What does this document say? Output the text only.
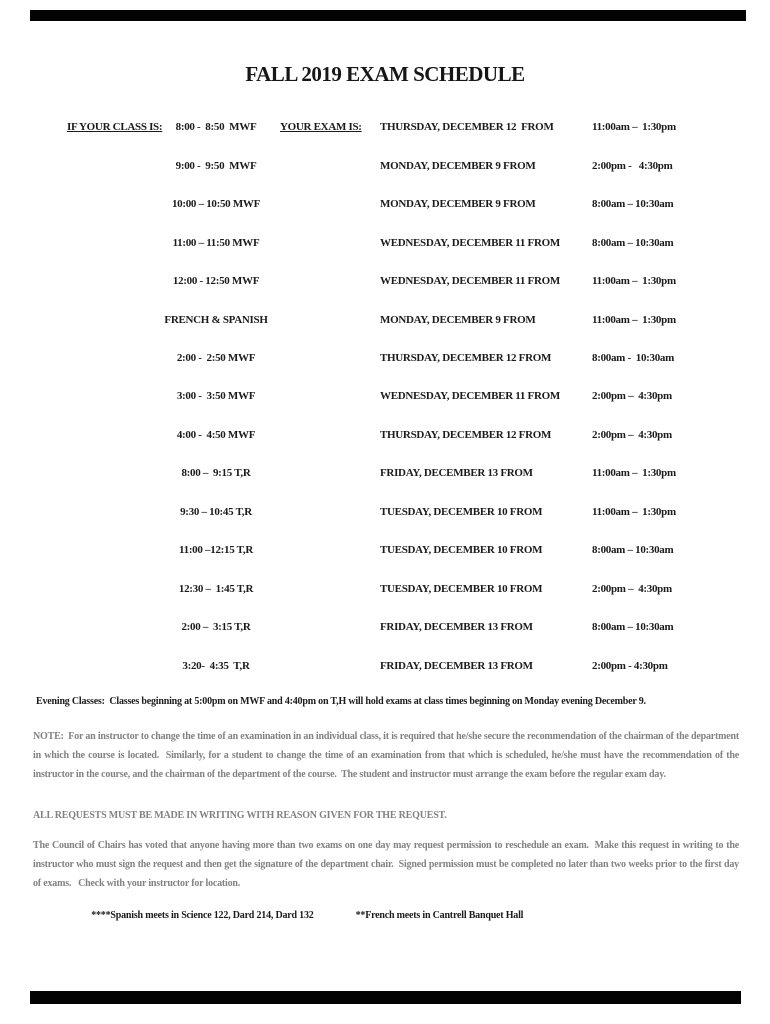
FALL 2019 EXAM SCHEDULE
IF YOUR CLASS IS:	8:00 -  8:50  MWF	YOUR EXAM IS: THURSDAY, DECEMBER 12  FROM	11:00am –  1:30pm
9:00 -  9:50  MWF	MONDAY, DECEMBER 9 FROM	2:00pm -   4:30pm
10:00 – 10:50 MWF	MONDAY, DECEMBER 9 FROM	8:00am – 10:30am
11:00 – 11:50 MWF	WEDNESDAY, DECEMBER 11 FROM	8:00am – 10:30am
12:00 - 12:50 MWF	WEDNESDAY, DECEMBER 11 FROM	11:00am –  1:30pm
FRENCH & SPANISH	MONDAY, DECEMBER 9 FROM	11:00am –  1:30pm
2:00 -  2:50 MWF	THURSDAY, DECEMBER 12 FROM	8:00am -  10:30am
3:00 -  3:50 MWF	WEDNESDAY, DECEMBER 11 FROM	2:00pm –  4:30pm
4:00 -  4:50 MWF	THURSDAY, DECEMBER 12 FROM	2:00pm –  4:30pm
8:00 –  9:15 T,R	FRIDAY, DECEMBER 13 FROM	11:00am –  1:30pm
9:30 – 10:45 T,R	TUESDAY, DECEMBER 10 FROM	11:00am –  1:30pm
11:00 –12:15 T,R	TUESDAY, DECEMBER 10 FROM	8:00am – 10:30am
12:30 –  1:45 T,R	TUESDAY, DECEMBER 10 FROM	2:00pm –  4:30pm
2:00 –  3:15 T,R	FRIDAY, DECEMBER 13 FROM	8:00am – 10:30am
3:20-  4:35  T,R	FRIDAY, DECEMBER 13 FROM	2:00pm - 4:30pm
Evening Classes:  Classes beginning at 5:00pm on MWF and 4:40pm on T,H will hold exams at class times beginning on Monday evening December 9.
NOTE:  For an instructor to change the time of an examination in an individual class, it is required that he/she secure the recommendation of the chairman of the department in which the course is located.  Similarly, for a student to change the time of an examination from that which is scheduled, he/she must have the recommendation of the instructor in the course, and the chairman of the department of the course.  The student and instructor must arrange the exam before the regular exam day.
ALL REQUESTS MUST BE MADE IN WRITING WITH REASON GIVEN FOR THE REQUEST.
The Council of Chairs has voted that anyone having more than two exams on one day may request permission to reschedule an exam.  Make this request in writing to the instructor who must sign the request and then get the signature of the department chair.  Signed permission must be completed no later than two weeks prior to the first day of exams.   Check with your instructor for location.

****Spanish meets in Science 122, Dard 214, Dard 132	**French meets in Cantrell Banquet Hall
